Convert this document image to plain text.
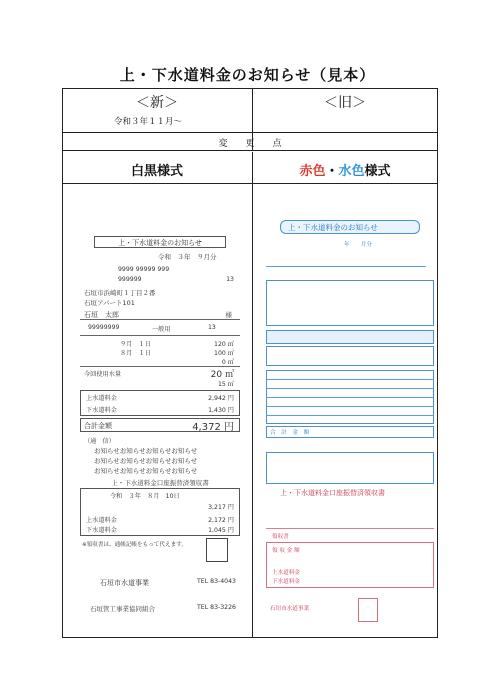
上・下水道料金のお知らせ（見本）
＜新＞
令和３年１１月～
＜旧＞
変　　更　　点
白黒様式	赤色・水色様式
上・下水道料金のお知らせ
令和　３年　９月分
9999 99999 999
999999	13
石垣市浜崎町１丁目２番
石垣アパート101
石垣　太郎	様
99999999	一般用	13
９月　１日	120 ㎥
８月　１日	100 ㎥
0 ㎥
今回使用水量	20 ㎥
15 ㎥
上水道料金	2,942 円
下水道料金	1,430 円
合計金額	4,372 円
（通　信）
お知らせお知らせお知らせお知らせ
お知らせお知らせお知らせお知らせ
お知らせお知らせお知らせお知らせ
上・下水道料金口座振替済領収書
令和　３年　８月　10日
3,217 円
上水道料金	2,172 円
下水道料金	1,045 円
※領収書は、通帳記帳をもって代えます。
石垣市水道事業	TEL 83-4043
石垣管工事業協同組合	TEL 83-3226
上・下水道料金のお知らせ
年　　月分
合　計　金　額
上・下水道料金口座振替済領収書
領収書
領 収 金 額
上水道料金
下水道料金
石垣市水道事業
